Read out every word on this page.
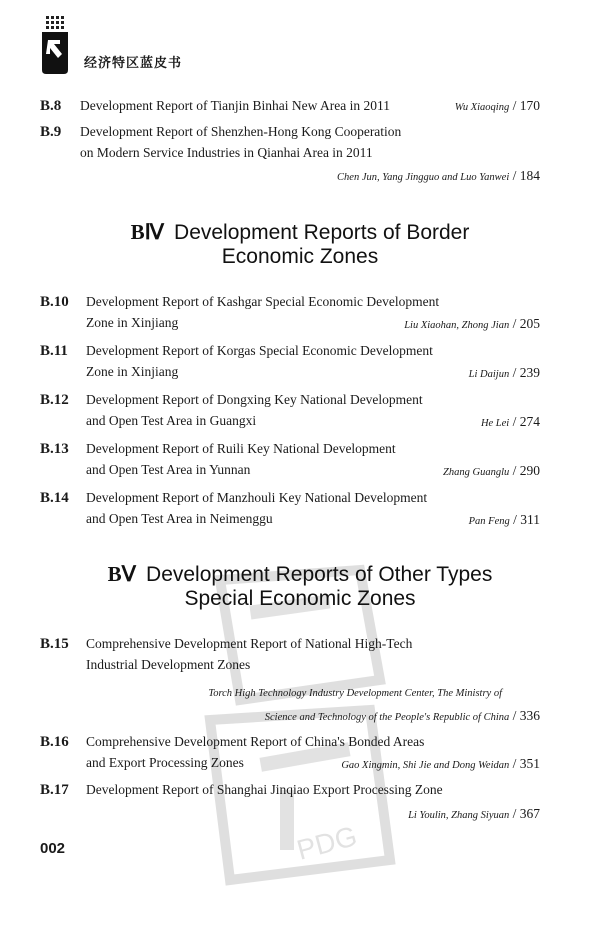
经济特区蓝皮书
PDG
B.8 Development Report of Tianjin Binhai New Area in 2011	Wu Xiaoqing / 170
B.9 Development Report of Shenzhen-Hong Kong Cooperation
on Modern Service Industries in Qianhai Area in 2011
Chen Jun, Yang Jingguo and Luo Yanwei / 184
BⅣ Development Reports of Border
Economic Zones
B.10 Development Report of Kashgar Special Economic Development
Zone in Xinjiang	Liu Xiaohan, Zhong Jian / 205
B.11 Development Report of Korgas Special Economic Development
Zone in Xinjiang	Li Daijun / 239
B.12 Development Report of Dongxing Key National Development
and Open Test Area in Guangxi	He Lei / 274
B.13 Development Report of Ruili Key National Development
and Open Test Area in Yunnan	Zhang Guanglu / 290
B.14 Development Report of Manzhouli Key National Development
and Open Test Area in Neimenggu	Pan Feng / 311
BⅤ Development Reports of Other Types
Special Economic Zones
B.15 Comprehensive Development Report of National High-Tech
Industrial Development Zones
Torch High Technology Industry Development Center, The Ministry of
Science and Technology of the People's Republic of China / 336
B.16 Comprehensive Development Report of China's Bonded Areas
and Export Processing Zones	Gao Xingmin, Shi Jie and Dong Weidan / 351
B.17 Development Report of Shanghai Jinqiao Export Processing Zone
Li Youlin, Zhang Siyuan / 367
002
